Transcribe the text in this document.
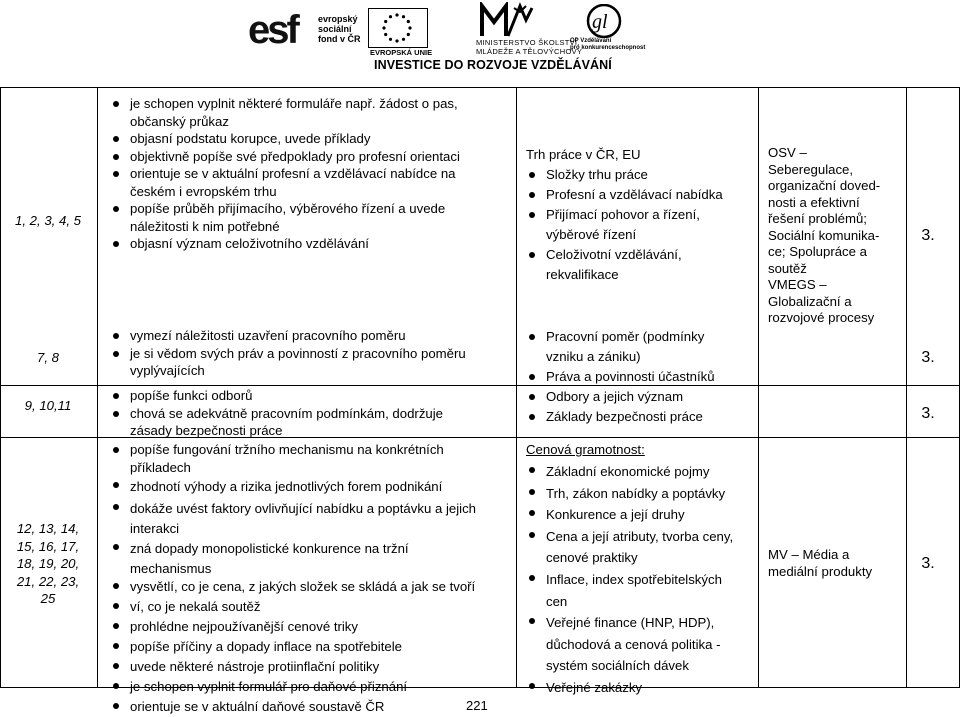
esf evropský
sociální
fond v ČR
EVROPSKÁ UNIE
MINISTERSTVO ŠKOLSTVÍ,
MLÁDEŽE A TĚLOVÝCHOVY
gl
OP Vzdělávání
pro konkurenceschopnost
INVESTICE DO ROZVOJE VZDĚLÁVÁNÍ
1, 2, 3, 4, 5
je schopen vyplnit některé formuláře např. žádost o pas,
občanský průkaz
objasní podstatu korupce, uvede příklady
objektivně popíše své předpoklady pro profesní orientaci
orientuje se v aktuální profesní a vzdělávací nabídce na
českém i evropském trhu
popíše průběh přijímacího, výběrového řízení a uvede
náležitosti k nim potřebné
objasní význam celoživotního vzdělávání
Trh práce v ČR, EU
Složky trhu práce
Profesní a vzdělávací nabídka
Přijímací pohovor a řízení,
výběrové řízení
Celoživotní vzdělávání,
rekvalifikace
OSV –
Seberegulace,
organizační doved-
nosti a efektivní
řešení problémů;
Sociální komunika-
ce; Spolupráce a
soutěž
VMEGS –
Globalizační a
rozvojové procesy
3.
7, 8
vymezí náležitosti uzavření pracovního poměru
je si vědom svých práv a povinností z pracovního poměru
vyplývajících
Pracovní poměr (podmínky
vzniku a zániku)
Práva a povinnosti účastníků
3.
9, 10,11
popíše funkci odborů
chová se adekvátně pracovním podmínkám, dodržuje
zásady bezpečnosti práce
Odbory a jejich význam
Základy bezpečnosti práce	3.
12, 13, 14,
15, 16, 17,
18, 19, 20,
21, 22, 23,
25
popíše fungování tržního mechanismu na konkrétních
příkladech
zhodnotí výhody a rizika jednotlivých forem podnikání
dokáže uvést faktory ovlivňující nabídku a poptávku a jejich
interakci
zná dopady monopolistické konkurence na tržní
mechanismus
vysvětlí, co je cena, z jakých složek se skládá a jak se tvoří
ví, co je nekalá soutěž
prohlédne nejpoužívanější cenové triky
popíše příčiny a dopady inflace na spotřebitele
uvede některé nástroje protiinflační politiky
je schopen vyplnit formulář pro daňové přiznání
orientuje se v aktuální daňové soustavě ČR
Cenová gramotnost:
Základní ekonomické pojmy
Trh, zákon nabídky a poptávky
Konkurence a její druhy
Cena a její atributy, tvorba ceny,
cenové praktiky
Inflace, index spotřebitelských
cen
Veřejné finance (HNP, HDP),
důchodová a cenová politika -
systém sociálních dávek
Veřejné zakázky
MV – Média a
mediální produkty	3.
221
